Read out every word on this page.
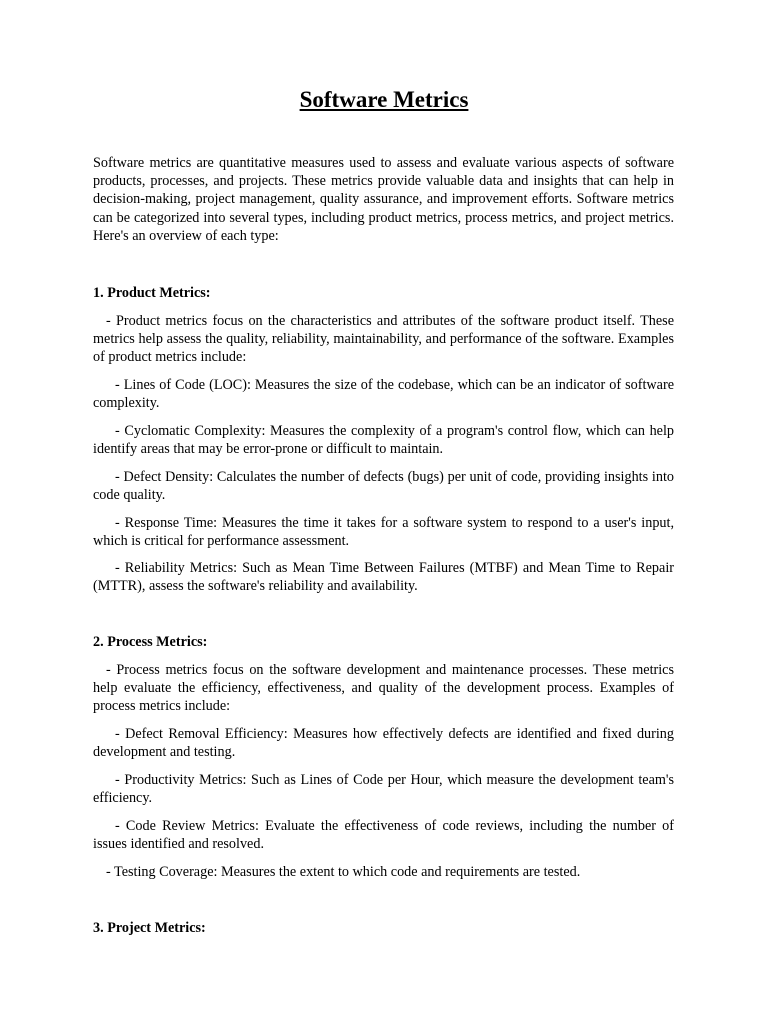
Software Metrics

Software metrics are quantitative measures used to assess and evaluate various aspects of software products, processes, and projects. These metrics provide valuable data and insights that can help in decision-making, project management, quality assurance, and improvement efforts. Software metrics can be categorized into several types, including product metrics, process metrics, and project metrics. Here's an overview of each type:

1. Product Metrics:

- Product metrics focus on the characteristics and attributes of the software product itself. These metrics help assess the quality, reliability, maintainability, and performance of the software. Examples of product metrics include:

- Lines of Code (LOC): Measures the size of the codebase, which can be an indicator of software complexity.

- Cyclomatic Complexity: Measures the complexity of a program's control flow, which can help identify areas that may be error-prone or difficult to maintain.

- Defect Density: Calculates the number of defects (bugs) per unit of code, providing insights into code quality.

- Response Time: Measures the time it takes for a software system to respond to a user's input, which is critical for performance assessment.

- Reliability Metrics: Such as Mean Time Between Failures (MTBF) and Mean Time to Repair (MTTR), assess the software's reliability and availability.

2. Process Metrics:

- Process metrics focus on the software development and maintenance processes. These metrics help evaluate the efficiency, effectiveness, and quality of the development process. Examples of process metrics include:

- Defect Removal Efficiency: Measures how effectively defects are identified and fixed during development and testing.

- Productivity Metrics: Such as Lines of Code per Hour, which measure the development team's efficiency.

- Code Review Metrics: Evaluate the effectiveness of code reviews, including the number of issues identified and resolved.

- Testing Coverage: Measures the extent to which code and requirements are tested.

3. Project Metrics:
